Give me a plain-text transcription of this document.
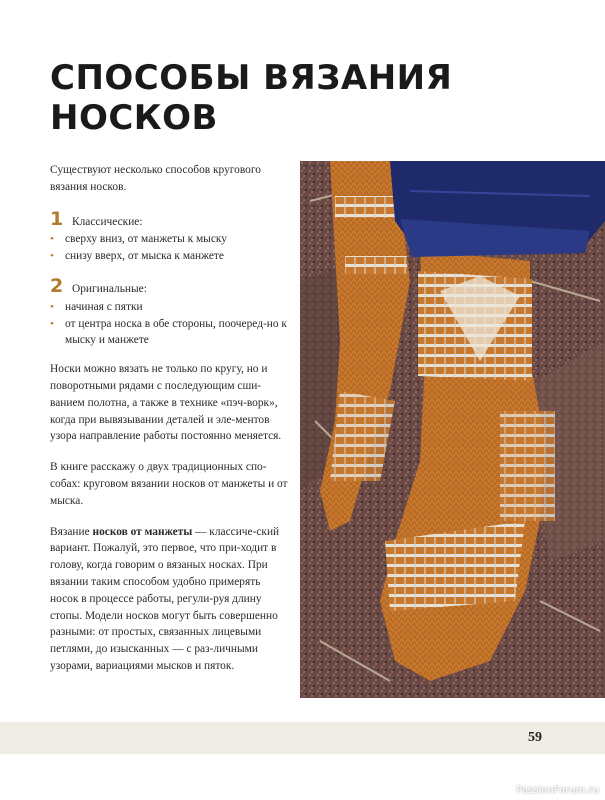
СПОСОБЫ ВЯЗАНИЯ
НОСКОВ

Существуют несколько способов кругового вязания носков.

1 Классические:
• сверху вниз, от манжеты к мыску
• снизу вверх, от мыска к манжете
2 Оригинальные:
• начиная с пятки
• от центра носка в обе стороны, поочеред-но к мыску и манжете

Носки можно вязать не только по кругу, но и поворотными рядами с последующим сши-ванием полотна, а также в технике «пэч-ворк», когда при вывязывании деталей и эле-ментов узора направление работы постоянно меняется.

В книге расскажу о двух традиционных спо-собах: круговом вязании носков от манжеты и от мыска.

Вязание носков от манжеты — классиче-ский вариант. Пожалуй, это первое, что при-ходит в голову, когда говорим о вязаных носках. При вязании таким способом удобно примерять носок в процессе работы, регули-руя длину стопы. Модели носков могут быть совершенно разными: от простых, связанных лицевыми петлями, до изысканных — с раз-личными узорами, вариациями мысков и пяток.

59
PassionForum.ru
